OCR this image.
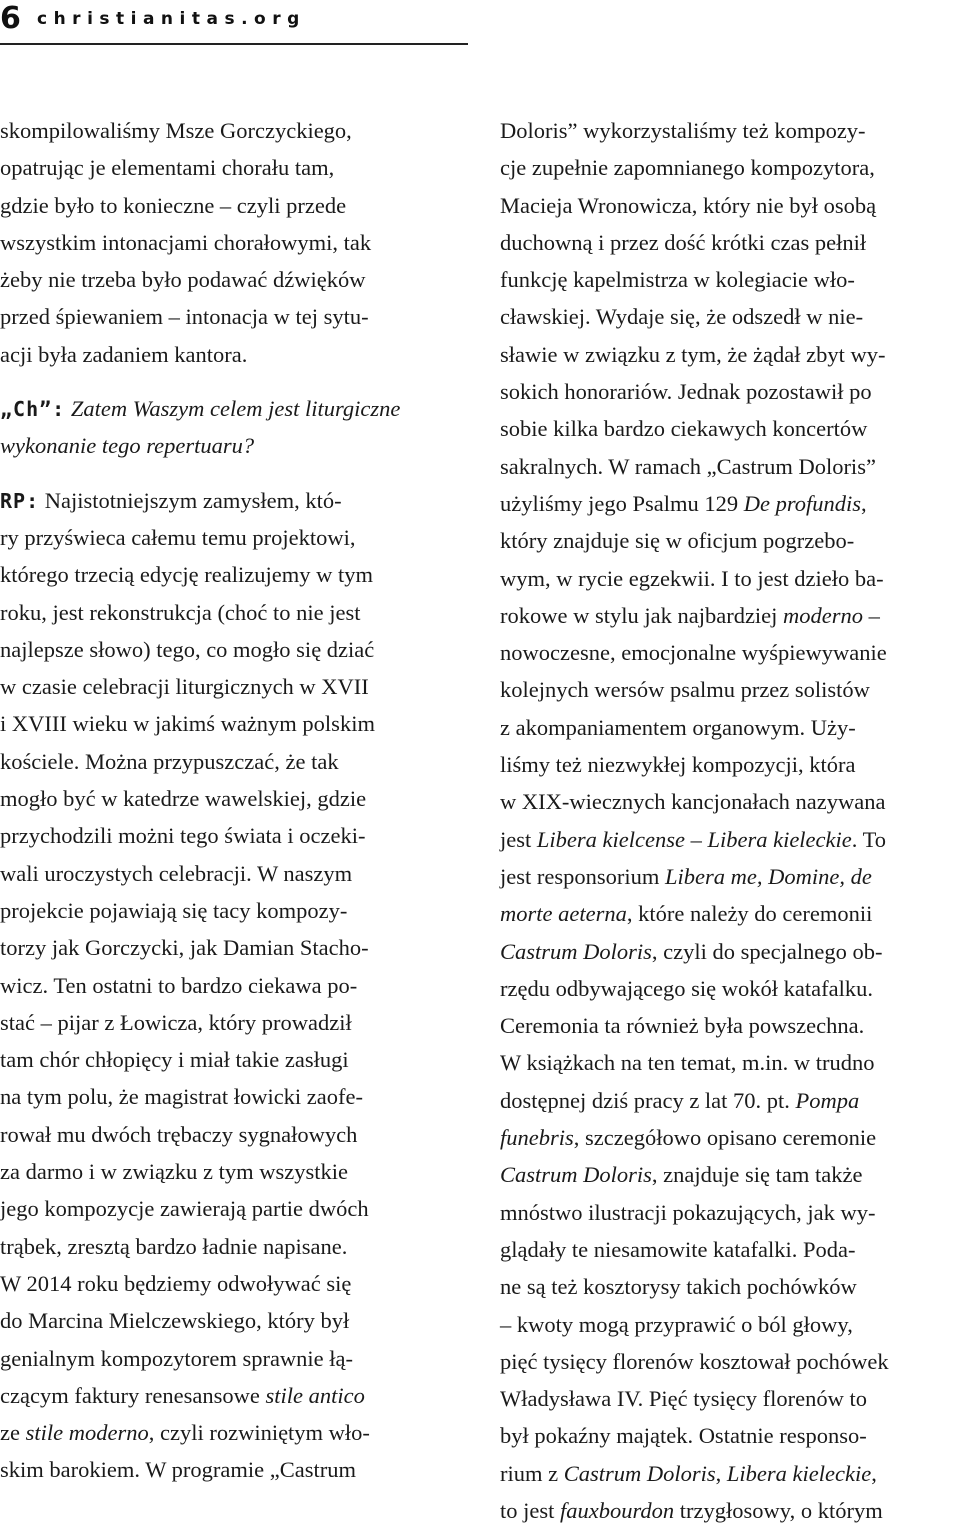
6 christianitas.org
skompilowaliśmy Msze Gorczyckiego,
opatrując je elementami chorału tam,
gdzie było to konieczne – czyli przede
wszystkim intonacjami chorałowymi, tak
żeby nie trzeba było podawać dźwięków
przed śpiewaniem – intonacja w tej sytu-
acji była zadaniem kantora.
„Ch”: Zatem Waszym celem jest liturgiczne
wykonanie tego repertuaru?
RP: Najistotniejszym zamysłem, któ-
ry przyświeca całemu temu projektowi,
którego trzecią edycję realizujemy w tym
roku, jest rekonstrukcja (choć to nie jest
najlepsze słowo) tego, co mogło się dziać
w czasie celebracji liturgicznych w XVII
i XVIII wieku w jakimś ważnym polskim
kościele. Można przypuszczać, że tak
mogło być w katedrze wawelskiej, gdzie
przychodzili możni tego świata i oczeki-
wali uroczystych celebracji. W naszym
projekcie pojawiają się tacy kompozy-
torzy jak Gorczycki, jak Damian Stacho-
wicz. Ten ostatni to bardzo ciekawa po-
stać – pijar z Łowicza, który prowadził
tam chór chłopięcy i miał takie zasługi
na tym polu, że magistrat łowicki zaofe-
rował mu dwóch trębaczy sygnałowych
za darmo i w związku z tym wszystkie
jego kompozycje zawierają partie dwóch
trąbek, zresztą bardzo ładnie napisane.
W 2014 roku będziemy odwoływać się
do Marcina Mielczewskiego, który był
genialnym kompozytorem sprawnie łą-
czącym faktury renesansowe stile antico
ze stile moderno, czyli rozwiniętym wło-
skim barokiem. W programie „Castrum
Doloris” wykorzystaliśmy też kompozy-
cje zupełnie zapomnianego kompozytora,
Macieja Wronowicza, który nie był osobą
duchowną i przez dość krótki czas pełnił
funkcję kapelmistrza w kolegiacie wło-
cławskiej. Wydaje się, że odszedł w nie-
sławie w związku z tym, że żądał zbyt wy-
sokich honorariów. Jednak pozostawił po
sobie kilka bardzo ciekawych koncertów
sakralnych. W ramach „Castrum Doloris”
użyliśmy jego Psalmu 129 De profundis,
który znajduje się w oficjum pogrzebo-
wym, w rycie egzekwii. I to jest dzieło ba-
rokowe w stylu jak najbardziej moderno –
nowoczesne, emocjonalne wyśpiewywanie
kolejnych wersów psalmu przez solistów
z akompaniamentem organowym. Uży-
liśmy też niezwykłej kompozycji, która
w XIX-wiecznych kancjonałach nazywana
jest Libera kielcense – Libera kieleckie. To
jest responsorium Libera me, Domine, de
morte aeterna, które należy do ceremonii
Castrum Doloris, czyli do specjalnego ob-
rzędu odbywającego się wokół katafalku.
Ceremonia ta również była powszechna.
W książkach na ten temat, m.in. w trudno
dostępnej dziś pracy z lat 70. pt. Pompa
funebris, szczegółowo opisano ceremonie
Castrum Doloris, znajduje się tam także
mnóstwo ilustracji pokazujących, jak wy-
glądały te niesamowite katafalki. Poda-
ne są też kosztorysy takich pochówków
– kwoty mogą przyprawić o ból głowy,
pięć tysięcy florenów kosztował pochówek
Władysława IV. Pięć tysięcy florenów to
był pokaźny majątek. Ostatnie responso-
rium z Castrum Doloris, Libera kieleckie,
to jest fauxbourdon trzygłosowy, o którym
